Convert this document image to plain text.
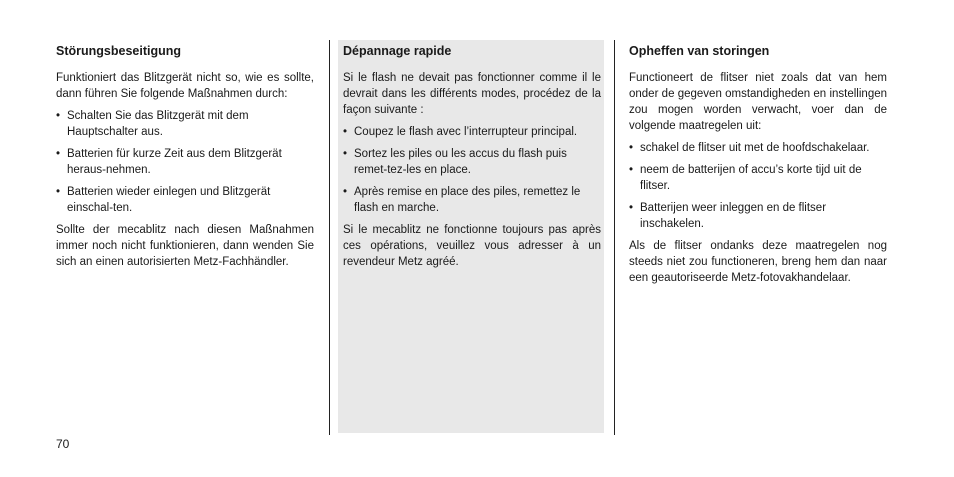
Störungsbeseitigung

Funktioniert das Blitzgerät nicht so, wie es sollte, dann führen Sie folgende Maßnahmen durch:

• Schalten Sie das Blitzgerät mit dem Hauptschalter aus.
• Batterien für kurze Zeit aus dem Blitzgerät heraus-nehmen.
• Batterien wieder einlegen und Blitzgerät einschal-ten.

Sollte der mecablitz nach diesen Maßnahmen immer noch nicht funktionieren, dann wenden Sie sich an einen autorisierten Metz-Fachhändler.

Dépannage rapide

Si le flash ne devait pas fonctionner comme il le devrait dans les différents modes, procédez de la façon suivante :

• Coupez le flash avec l’interrupteur principal.
• Sortez les piles ou les accus du flash puis remet-tez-les en place.
• Après remise en place des piles, remettez le flash en marche.

Si le mecablitz ne fonctionne toujours pas après ces opérations, veuillez vous adresser à un revendeur Metz agréé.

Opheffen van storingen

Functioneert de flitser niet zoals dat van hem onder de gegeven omstandigheden en instellingen zou mogen worden verwacht, voer dan de volgende maatregelen uit:

• schakel de flitser uit met de hoofdschakelaar.
• neem de batterijen of accu’s korte tijd uit de flitser.
• Batterijen weer inleggen en de flitser inschakelen.

Als de flitser ondanks deze maatregelen nog steeds niet zou functioneren, breng hem dan naar een geautoriseerde Metz-fotovakhandelaar.

70
